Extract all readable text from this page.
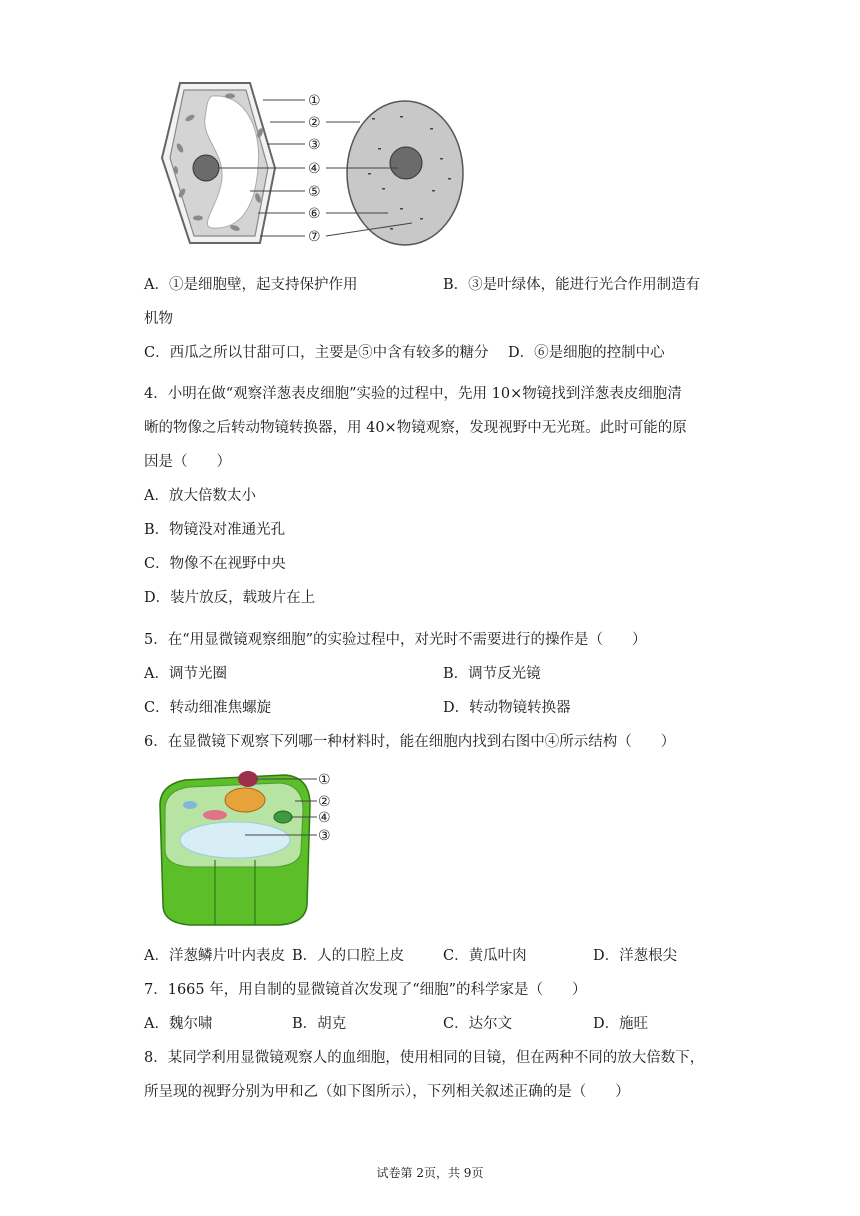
①
②
③
④
⑤
⑥
⑦
A．①是细胞壁，起支持保护作用	B．③是叶绿体，能进行光合作用制造有
机物
C．西瓜之所以甘甜可口，主要是⑤中含有较多的糖分 D．⑥是细胞的控制中心
4．小明在做“观察洋葱表皮细胞”实验的过程中，先用 10×物镜找到洋葱表皮细胞清
晰的物像之后转动物镜转换器，用 40×物镜观察，发现视野中无光斑。此时可能的原
因是（　　）
A．放大倍数太小
B．物镜没对准通光孔
C．物像不在视野中央
D．装片放反，载玻片在上
5．在“用显微镜观察细胞”的实验过程中，对光时不需要进行的操作是（　　）
A．调节光圈	B．调节反光镜
C．转动细准焦螺旋	D．转动物镜转换器
6．在显微镜下观察下列哪一种材料时，能在细胞内找到右图中④所示结构（　　）
①
②
④
③
A．洋葱鳞片叶内表皮 B．人的口腔上皮	C．黄瓜叶肉	D．洋葱根尖
7．1665 年，用自制的显微镜首次发现了“细胞”的科学家是（　　）
A．魏尔啸	B．胡克	C．达尔文	D．施旺
8．某同学利用显微镜观察人的血细胞，使用相同的目镜，但在两种不同的放大倍数下，
所呈现的视野分别为甲和乙（如下图所示），下列相关叙述正确的是（　　）
试卷第 2页，共 9页
